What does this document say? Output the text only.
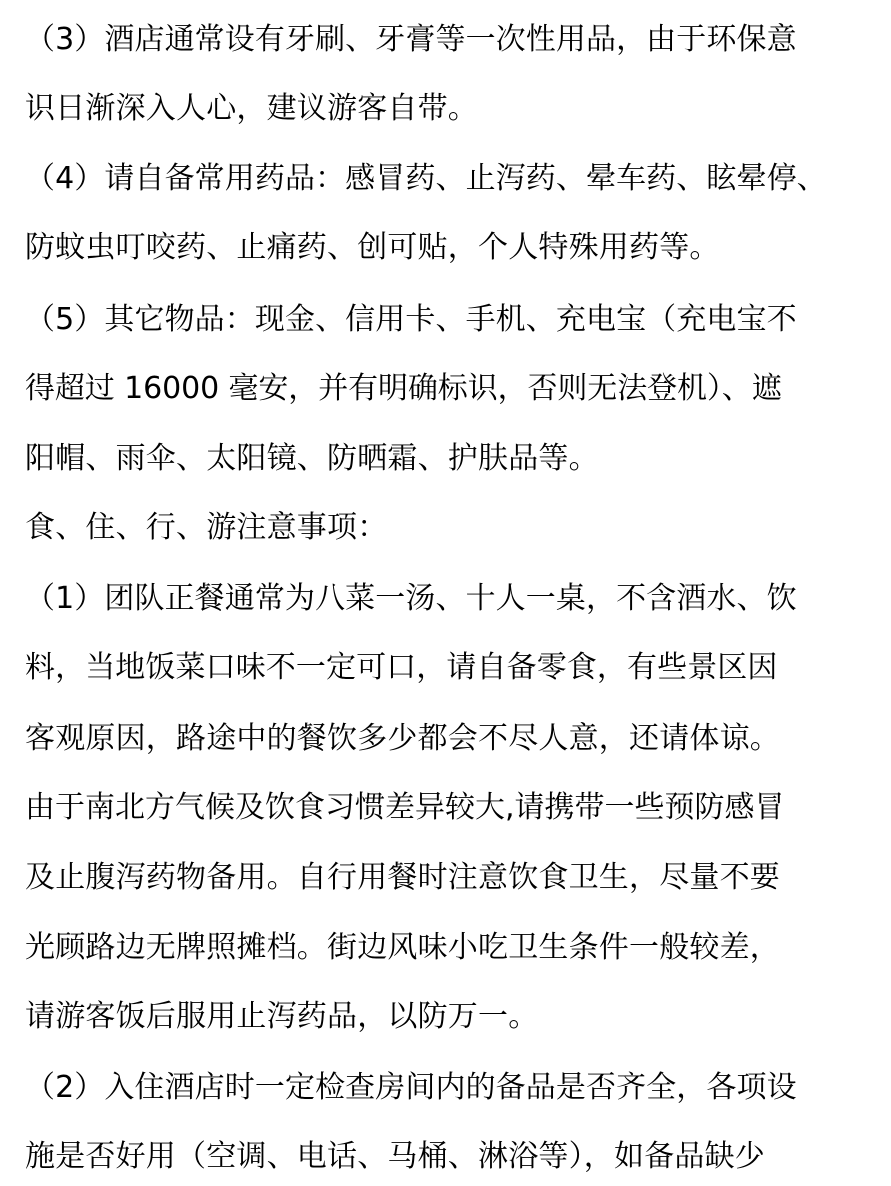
（3）酒店通常设有牙刷、牙膏等一次性用品，由于环保意
识日渐深入人心，建议游客自带。
（4）请自备常用药品：感冒药、止泻药、晕车药、眩晕停、
防蚊虫叮咬药、止痛药、创可贴，个人特殊用药等。
（5）其它物品：现金、信用卡、手机、充电宝（充电宝不
得超过 16000 毫安，并有明确标识，否则无法登机）、遮
阳帽、雨伞、太阳镜、防晒霜、护肤品等。
食、住、行、游注意事项：
（1）团队正餐通常为八菜一汤、十人一桌，不含酒水、饮
料，当地饭菜口味不一定可口，请自备零食，有些景区因
客观原因，路途中的餐饮多少都会不尽人意，还请体谅。
由于南北方气候及饮食习惯差异较大,请携带一些预防感冒
及止腹泻药物备用。自行用餐时注意饮食卫生，尽量不要
光顾路边无牌照摊档。街边风味小吃卫生条件一般较差，
请游客饭后服用止泻药品，以防万一。
（2）入住酒店时一定检查房间内的备品是否齐全，各项设
施是否好用（空调、电话、马桶、淋浴等），如备品缺少
